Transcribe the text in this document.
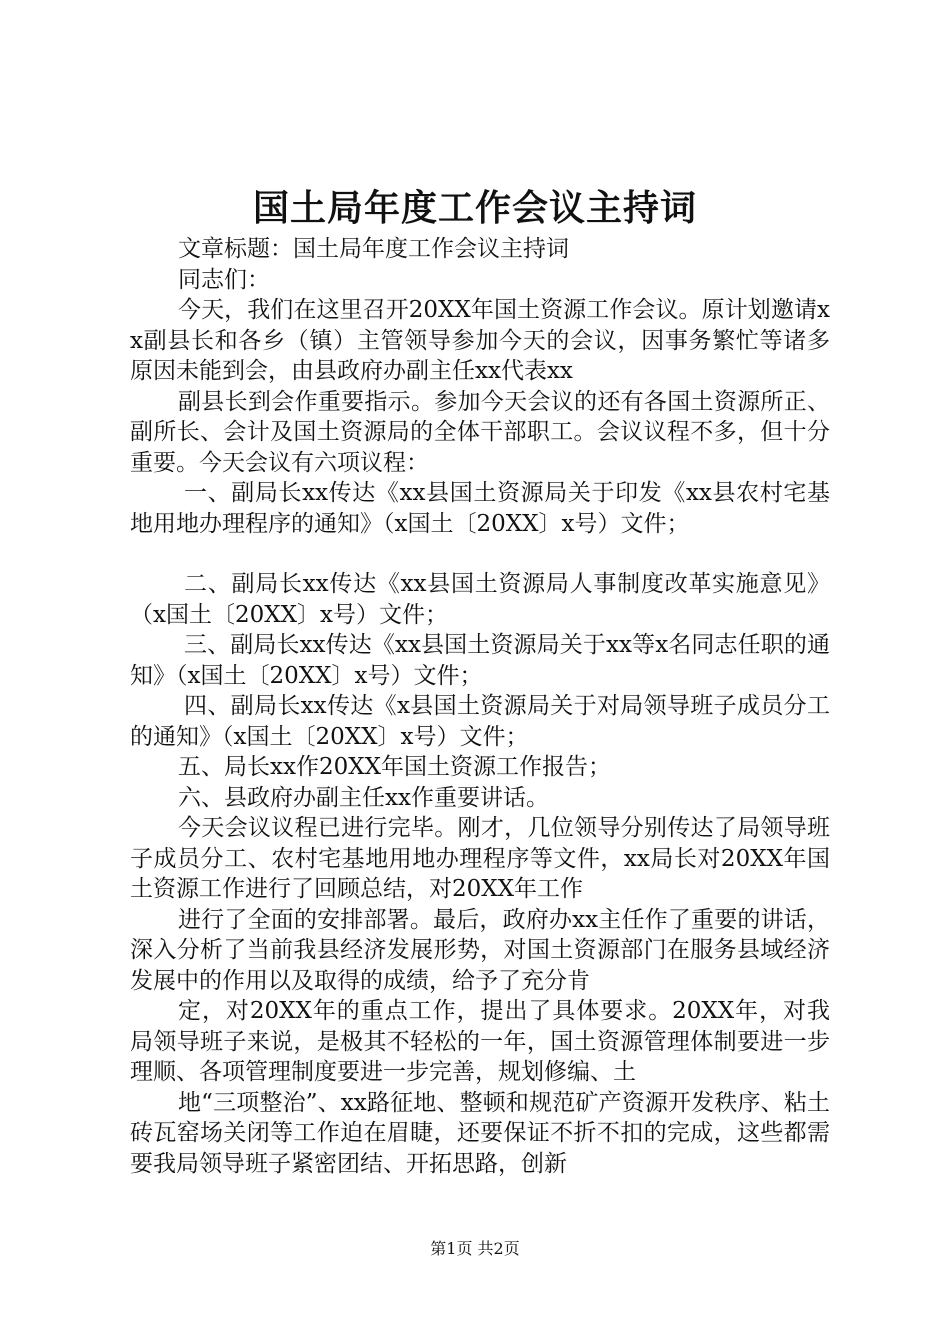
国土局年度工作会议主持词

文章标题：国土局年度工作会议主持词

同志们：

今天，我们在这里召开20XX年国土资源工作会议。原计划邀请xx副县长和各乡（镇）主管领导参加今天的会议，因事务繁忙等诸多原因未能到会，由县政府办副主任xx代表xx

副县长到会作重要指示。参加今天会议的还有各国土资源所正、副所长、会计及国土资源局的全体干部职工。会议议程不多，但十分重要。今天会议有六项议程：

一、副局长xx传达《xx县国土资源局关于印发《xx县农村宅基地用地办理程序的通知》（x国土〔20XX〕x号）文件；

二、副局长xx传达《xx县国土资源局人事制度改革实施意见》（x国土〔20XX〕x号）文件；

三、副局长xx传达《xx县国土资源局关于xx等x名同志任职的通知》（x国土〔20XX〕x号）文件；

四、副局长xx传达《x县国土资源局关于对局领导班子成员分工的通知》（x国土〔20XX〕x号）文件；

五、局长xx作20XX年国土资源工作报告；

六、县政府办副主任xx作重要讲话。

今天会议议程已进行完毕。刚才，几位领导分别传达了局领导班子成员分工、农村宅基地用地办理程序等文件，xx局长对20XX年国土资源工作进行了回顾总结，对20XX年工作

进行了全面的安排部署。最后，政府办xx主任作了重要的讲话，深入分析了当前我县经济发展形势，对国土资源部门在服务县域经济发展中的作用以及取得的成绩，给予了充分肯

定，对20XX年的重点工作，提出了具体要求。20XX年，对我局领导班子来说，是极其不轻松的一年，国土资源管理体制要进一步理顺、各项管理制度要进一步完善，规划修编、土

地“三项整治”、xx路征地、整顿和规范矿产资源开发秩序、粘土砖瓦窑场关闭等工作迫在眉睫，还要保证不折不扣的完成，这些都需要我局领导班子紧密团结、开拓思路，创新

第1页 共2页
